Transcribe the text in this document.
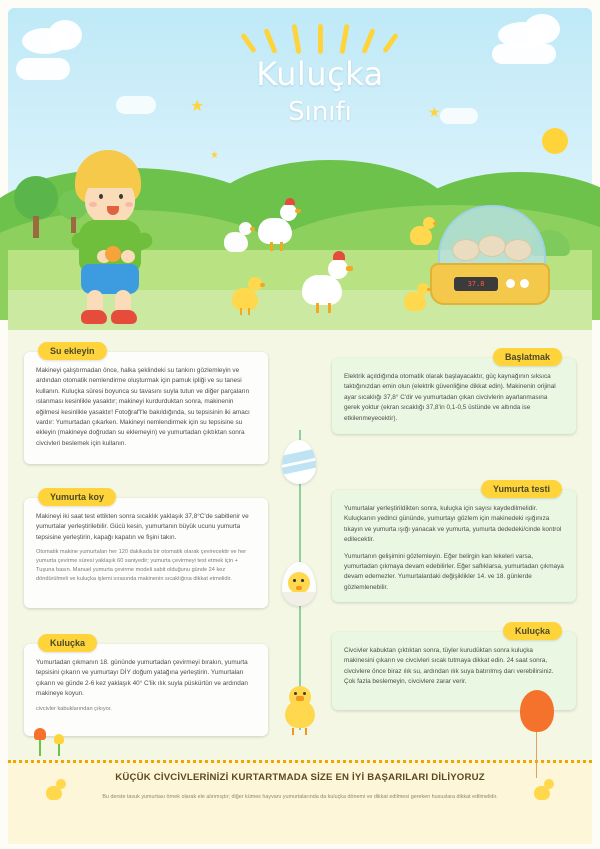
★	★
★
Kuluçka
Sınıfı
37.8
Su ekleyin

Makineyi çalıştırmadan önce, halka şeklindeki su tankını gözlemleyin ve ardından otomatik nemlendirme oluşturmak için pamuk ipliği ve su tanesi kullanın. Kuluçka süresi boyunca su tavasını suyla tutun ve diğer parçaların ıslanması kesinlikle yasaktır; makineyi kurdurduktan sonra, makinenin eğilmesi kesinlikle yasaktır! Fotoğraf'l'le bakıldığında, su tepsisinin iki amacı vardır: Yumurtadan çıkarken. Makineyi nemlendirmek için su tepsisine su ekleyin (makineye doğrudan su eklemeyin) ve yumurtadan çıktıktan sonra civcivleri beslemek için kullanın.

Başlatmak

Elektrik açıldığında otomatik olarak başlayacaktır, güç kaynağının sıksıca taktığınızdan emin olun (elektrik güvenliğine dikkat edin). Makinenin orijinal ayar sıcaklığı 37,8° C'dir ve yumurtadan çıkan civcivlerin ayarlanmasına gerek yoktur (ekran sıcaklığı 37,8'in 0,1-0,5 üstünde ve altında ise etkilenmeyecektir).

Yumurta koy

Makineyi iki saat test ettikten sonra sıcaklık yaklaşık 37,8°C'de sabitlenir ve yumurtalar yerleştirilebilir. Gücü kesin, yumurtanın büyük ucunu yumurta tepsisine yerleştirin, kapağı kapatın ve fişini takın.

Otomatik makine yumurtaları her 120 dakikada bir otomatik olarak çevirecektir ve her yumurta çevirme süresi yaklaşık 60 saniyedir; yumurta çevirmeyi test etmek için + Tuşuna basın. Manuel yumurta çevirme modeli sabit olduğunu günde 24 kez döndürülmeli ve kuluçka işlemi sırasında makinenin sıcaklığına dikkat etmelidir.

Yumurta testi

Yumurtalar yerleştirildikten sonra, kuluçka için sayısı kaydedilmelidir. Kuluçkanın yedinci gününde, yumurtayı gözlem için makinedeki ışığınıza tıkayın ve yumurta ışığı yanacak ve yumurta, yumurta dededeki/cinde kontrol edilecektir.

Yumurtanın gelişimini gözlemleyin. Eğer belirgin kan lekeleri varsa, yumurtadan çıkmaya devam edebilirler. Eğer saflıklarsa, yumurtadan çıkmaya devam edemezler. Yumurtalardaki değişiklikler 14. ve 18. günlerde gözlemlenebilir.

Kuluçka

Yumurtadan çıkmanın 18. gününde yumurtadan çevirmeyi bırakın, yumurta tepsisini çıkarın ve yumurtayı DİY doğum yatağına yerleştirin. Yumurtaları çıkarın ve günde 2-6 kez yaklaşık 40° C'lik ılık suyla püskürtün ve ardından makineye koyun.

civcivler kabuklarından çıkıyor.

Kuluçka

Civcivler kabuktan çıktıktan sonra, tüyler kurudüktan sonra kuluçka makinesini çıkarın ve civcivleri sıcak tutmaya dikkat edin. 24 saat sonra, civcivlere önce biraz ılık su, ardından ılık suya batırılmış darı verebilirsiniz. Çok fazla beslemeyin, civcivlere zarar verir.

KÜÇÜK CİVCİVLERİNİZİ KURTARTMADA SİZE EN İYİ BAŞARILARI DİLİYORUZ
Bu derste tavuk yumurtası örnek olarak ele alınmıştır; diğer kümes hayvanı yumurtalarında da kuluçka dönemi ve dikkat edilmesi gereken hususlara dikkat edilmelidir.
